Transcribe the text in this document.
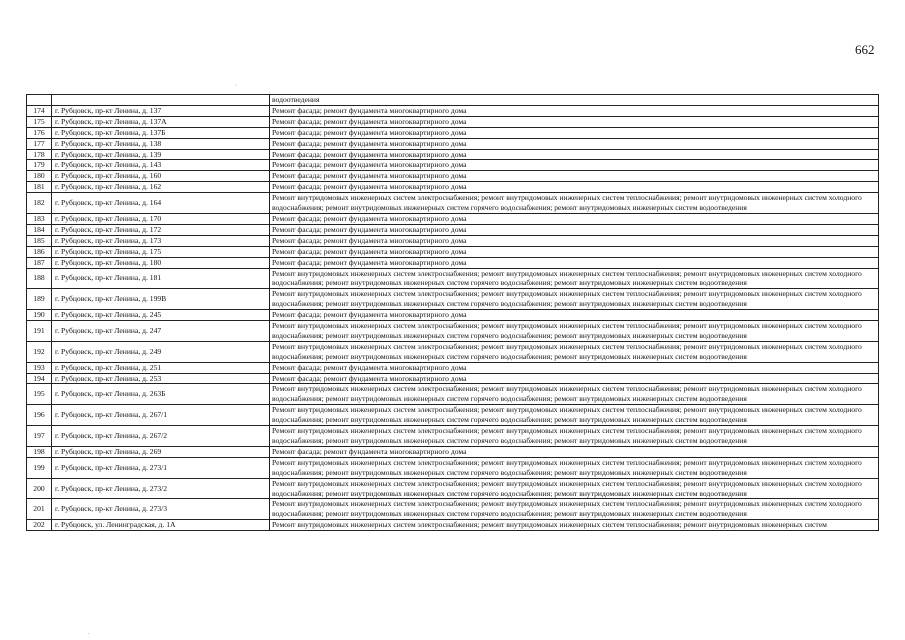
662
·
.
		водоотведения
174	г. Рубцовск, пр-кт Ленина, д. 137	Ремонт фасада; ремонт фундамента многоквартирного дома
175	г. Рубцовск, пр-кт Ленина, д. 137А	Ремонт фасада; ремонт фундамента многоквартирного дома
176	г. Рубцовск, пр-кт Ленина, д. 137Б	Ремонт фасада; ремонт фундамента многоквартирного дома
177	г. Рубцовск, пр-кт Ленина, д. 138	Ремонт фасада; ремонт фундамента многоквартирного дома
178	г. Рубцовск, пр-кт Ленина, д. 139	Ремонт фасада; ремонт фундамента многоквартирного дома
179	г. Рубцовск, пр-кт Ленина, д. 143	Ремонт фасада; ремонт фундамента многоквартирного дома
180	г. Рубцовск, пр-кт Ленина, д. 160	Ремонт фасада; ремонт фундамента многоквартирного дома
181	г. Рубцовск, пр-кт Ленина, д. 162	Ремонт фасада; ремонт фундамента многоквартирного дома
182	г. Рубцовск, пр-кт Ленина, д. 164	Ремонт внутридомовых инженерных систем электроснабжения; ремонт внутридомовых инженерных систем теплоснабжения; ремонт внутридомовых инженерных систем холодного водоснабжения; ремонт внутридомовых инженерных систем горячего водоснабжения; ремонт внутридомовых инженерных систем водоотведения
183	г. Рубцовск, пр-кт Ленина, д. 170	Ремонт фасада; ремонт фундамента многоквартирного дома
184	г. Рубцовск, пр-кт Ленина, д. 172	Ремонт фасада; ремонт фундамента многоквартирного дома
185	г. Рубцовск, пр-кт Ленина, д. 173	Ремонт фасада; ремонт фундамента многоквартирного дома
186	г. Рубцовск, пр-кт Ленина, д. 175	Ремонт фасада; ремонт фундамента многоквартирного дома
187	г. Рубцовск, пр-кт Ленина, д. 180	Ремонт фасада; ремонт фундамента многоквартирного дома
188	г. Рубцовск, пр-кт Ленина, д. 181	Ремонт внутридомовых инженерных систем электроснабжения; ремонт внутридомовых инженерных систем теплоснабжения; ремонт внутридомовых инженерных систем холодного водоснабжения; ремонт внутридомовых инженерных систем горячего водоснабжения; ремонт внутридомовых инженерных систем водоотведения
189	г. Рубцовск, пр-кт Ленина, д. 199В	Ремонт внутридомовых инженерных систем электроснабжения; ремонт внутридомовых инженерных систем теплоснабжения; ремонт внутридомовых инженерных систем холодного водоснабжения; ремонт внутридомовых инженерных систем горячего водоснабжения; ремонт внутридомовых инженерных систем водоотведения
190	г. Рубцовск, пр-кт Ленина, д. 245	Ремонт фасада; ремонт фундамента многоквартирного дома
191	г. Рубцовск, пр-кт Ленина, д. 247	Ремонт внутридомовых инженерных систем электроснабжения; ремонт внутридомовых инженерных систем теплоснабжения; ремонт внутридомовых инженерных систем холодного водоснабжения; ремонт внутридомовых инженерных систем горячего водоснабжения; ремонт внутридомовых инженерных систем водоотведения
192	г. Рубцовск, пр-кт Ленина, д. 249	Ремонт внутридомовых инженерных систем электроснабжения; ремонт внутридомовых инженерных систем теплоснабжения; ремонт внутридомовых инженерных систем холодного водоснабжения; ремонт внутридомовых инженерных систем горячего водоснабжения; ремонт внутридомовых инженерных систем водоотведения
193	г. Рубцовск, пр-кт Ленина, д. 251	Ремонт фасада; ремонт фундамента многоквартирного дома
194	г. Рубцовск, пр-кт Ленина, д. 253	Ремонт фасада; ремонт фундамента многоквартирного дома
195	г. Рубцовск, пр-кт Ленина, д. 263Б	Ремонт внутридомовых инженерных систем электроснабжения; ремонт внутридомовых инженерных систем теплоснабжения; ремонт внутридомовых инженерных систем холодного водоснабжения; ремонт внутридомовых инженерных систем горячего водоснабжения; ремонт внутридомовых инженерных систем водоотведения
196	г. Рубцовск, пр-кт Ленина, д. 267/1	Ремонт внутридомовых инженерных систем электроснабжения; ремонт внутридомовых инженерных систем теплоснабжения; ремонт внутридомовых инженерных систем холодного водоснабжения; ремонт внутридомовых инженерных систем горячего водоснабжения; ремонт внутридомовых инженерных систем водоотведения
197	г. Рубцовск, пр-кт Ленина, д. 267/2	Ремонт внутридомовых инженерных систем электроснабжения; ремонт внутридомовых инженерных систем теплоснабжения; ремонт внутридомовых инженерных систем холодного водоснабжения; ремонт внутридомовых инженерных систем горячего водоснабжения; ремонт внутридомовых инженерных систем водоотведения
198	г. Рубцовск, пр-кт Ленина, д. 269	Ремонт фасада; ремонт фундамента многоквартирного дома
199	г. Рубцовск, пр-кт Ленина, д. 273/1	Ремонт внутридомовых инженерных систем электроснабжения; ремонт внутридомовых инженерных систем теплоснабжения; ремонт внутридомовых инженерных систем холодного водоснабжения; ремонт внутридомовых инженерных систем горячего водоснабжения; ремонт внутридомовых инженерных систем водоотведения
200	г. Рубцовск, пр-кт Ленина, д. 273/2	Ремонт внутридомовых инженерных систем электроснабжения; ремонт внутридомовых инженерных систем теплоснабжения; ремонт внутридомовых инженерных систем холодного водоснабжения; ремонт внутридомовых инженерных систем горячего водоснабжения; ремонт внутридомовых инженерных систем водоотведения
201	г. Рубцовск, пр-кт Ленина, д. 273/3	Ремонт внутридомовых инженерных систем электроснабжения; ремонт внутридомовых инженерных систем теплоснабжения; ремонт внутридомовых инженерных систем холодного водоснабжения; ремонт внутридомовых инженерных систем горячего водоснабжения; ремонт внутридомовых инженерных систем водоотведения
202	г. Рубцовск, ул. Ленинградская, д. 1А	Ремонт внутридомовых инженерных систем электроснабжения; ремонт внутридомовых инженерных систем теплоснабжения; ремонт внутридомовых инженерных систем
